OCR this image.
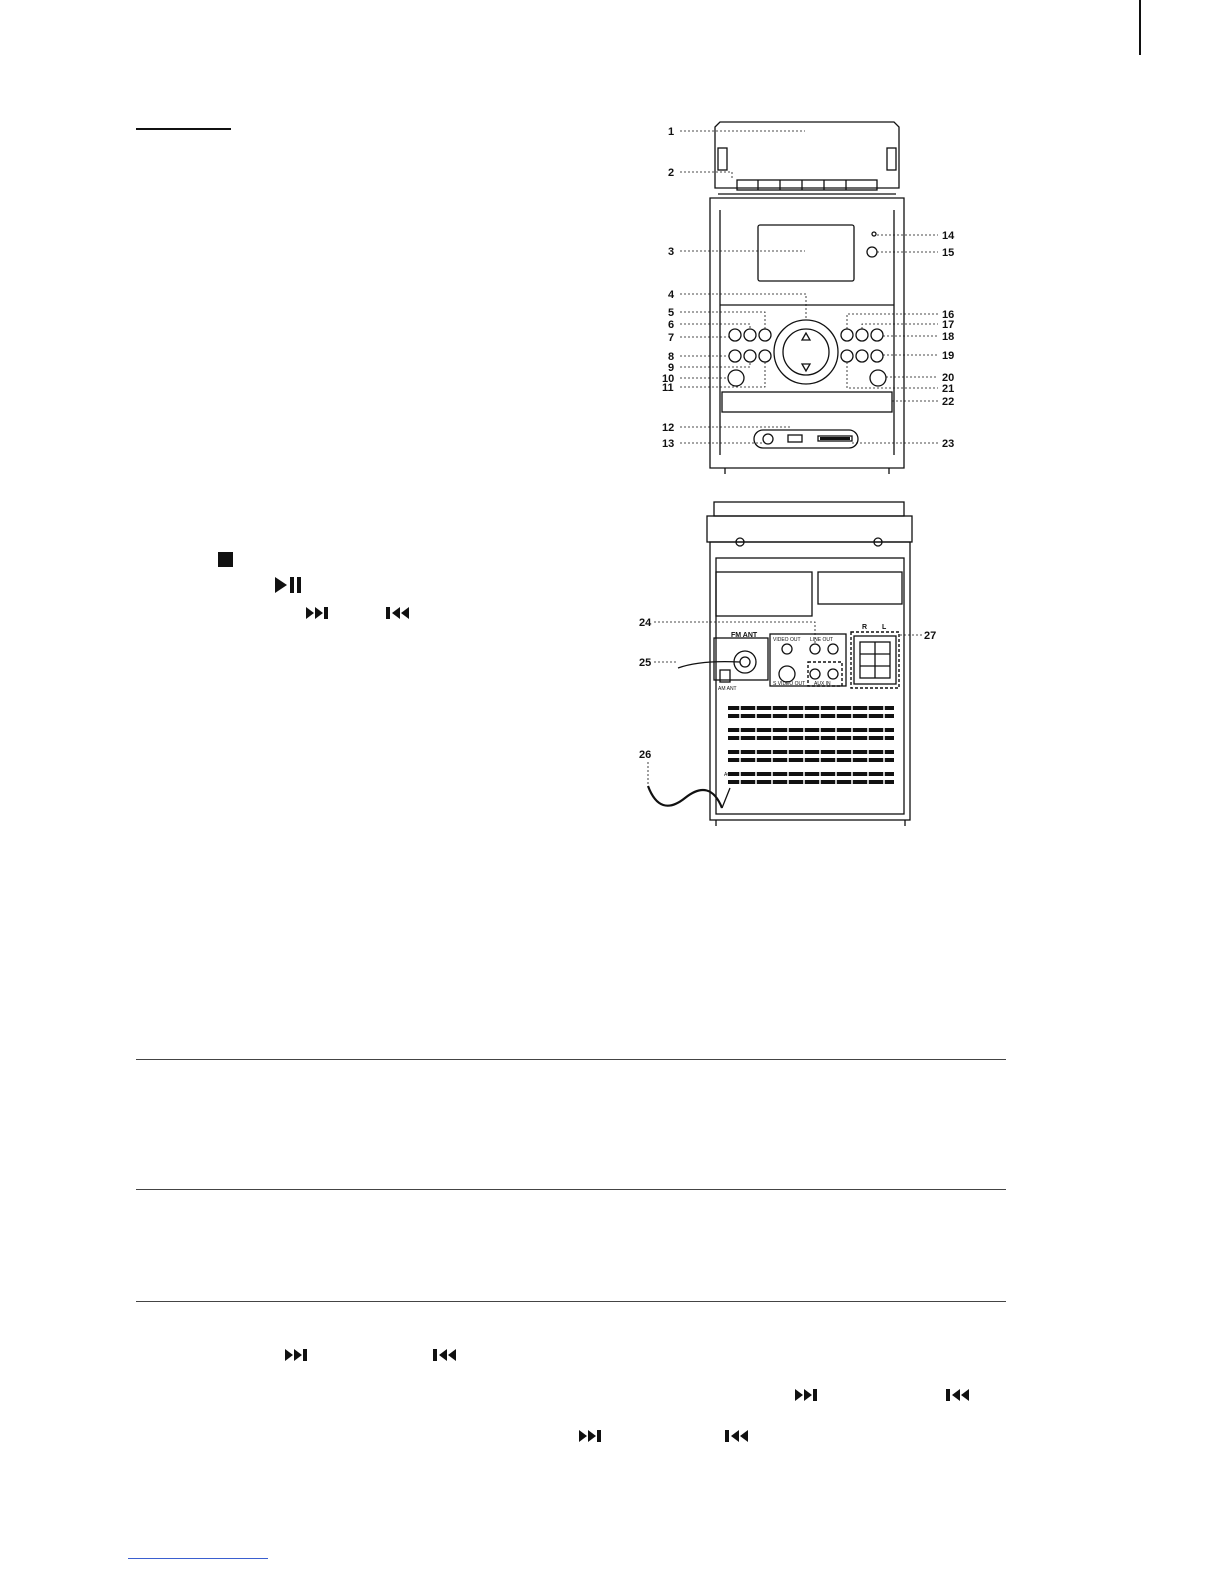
1
2
3
4
5
6
7
8
9
10
11
12
13
14
15
16
17
18
19
20
21
22
23
24
25
26
27
FM ANT
AM ANT
VIDEO OUT LINE OUT
S VIDEO OUT AUX IN
R L
AC~
